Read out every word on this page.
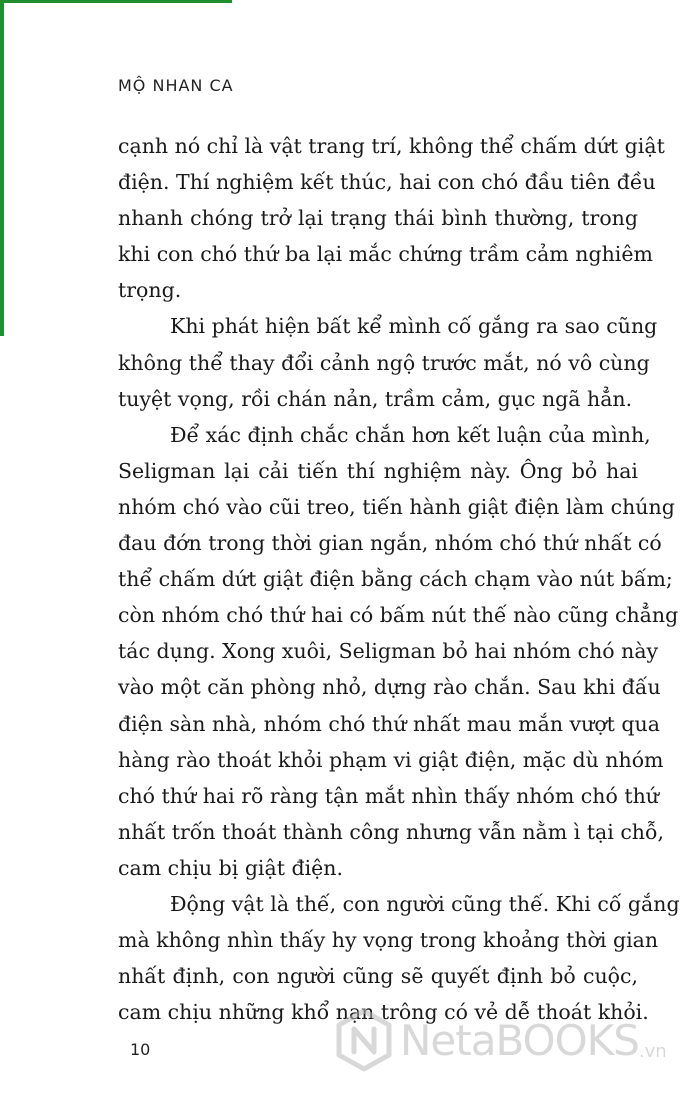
MỘ NHAN CA

cạnh nó chỉ là vật trang trí, không thể chấm dứt giật
điện. Thí nghiệm kết thúc, hai con chó đầu tiên đều
nhanh chóng trở lại trạng thái bình thường, trong
khi con chó thứ ba lại mắc chứng trầm cảm nghiêm
trọng.
Khi phát hiện bất kể mình cố gắng ra sao cũng
không thể thay đổi cảnh ngộ trước mắt, nó vô cùng
tuyệt vọng, rồi chán nản, trầm cảm, gục ngã hẳn.
Để xác định chắc chắn hơn kết luận của mình,
Seligman lại cải tiến thí nghiệm này. Ông bỏ hai
nhóm chó vào cũi treo, tiến hành giật điện làm chúng
đau đớn trong thời gian ngắn, nhóm chó thứ nhất có
thể chấm dứt giật điện bằng cách chạm vào nút bấm;
còn nhóm chó thứ hai có bấm nút thế nào cũng chẳng
tác dụng. Xong xuôi, Seligman bỏ hai nhóm chó này
vào một căn phòng nhỏ, dựng rào chắn. Sau khi đấu
điện sàn nhà, nhóm chó thứ nhất mau mắn vượt qua
hàng rào thoát khỏi phạm vi giật điện, mặc dù nhóm
chó thứ hai rõ ràng tận mắt nhìn thấy nhóm chó thứ
nhất trốn thoát thành công nhưng vẫn nằm ì tại chỗ,
cam chịu bị giật điện.
Động vật là thế, con người cũng thế. Khi cố gắng
mà không nhìn thấy hy vọng trong khoảng thời gian
nhất định, con người cũng sẽ quyết định bỏ cuộc,
cam chịu những khổ nạn trông có vẻ dễ thoát khỏi.

10	NetaBOOKS .vn
